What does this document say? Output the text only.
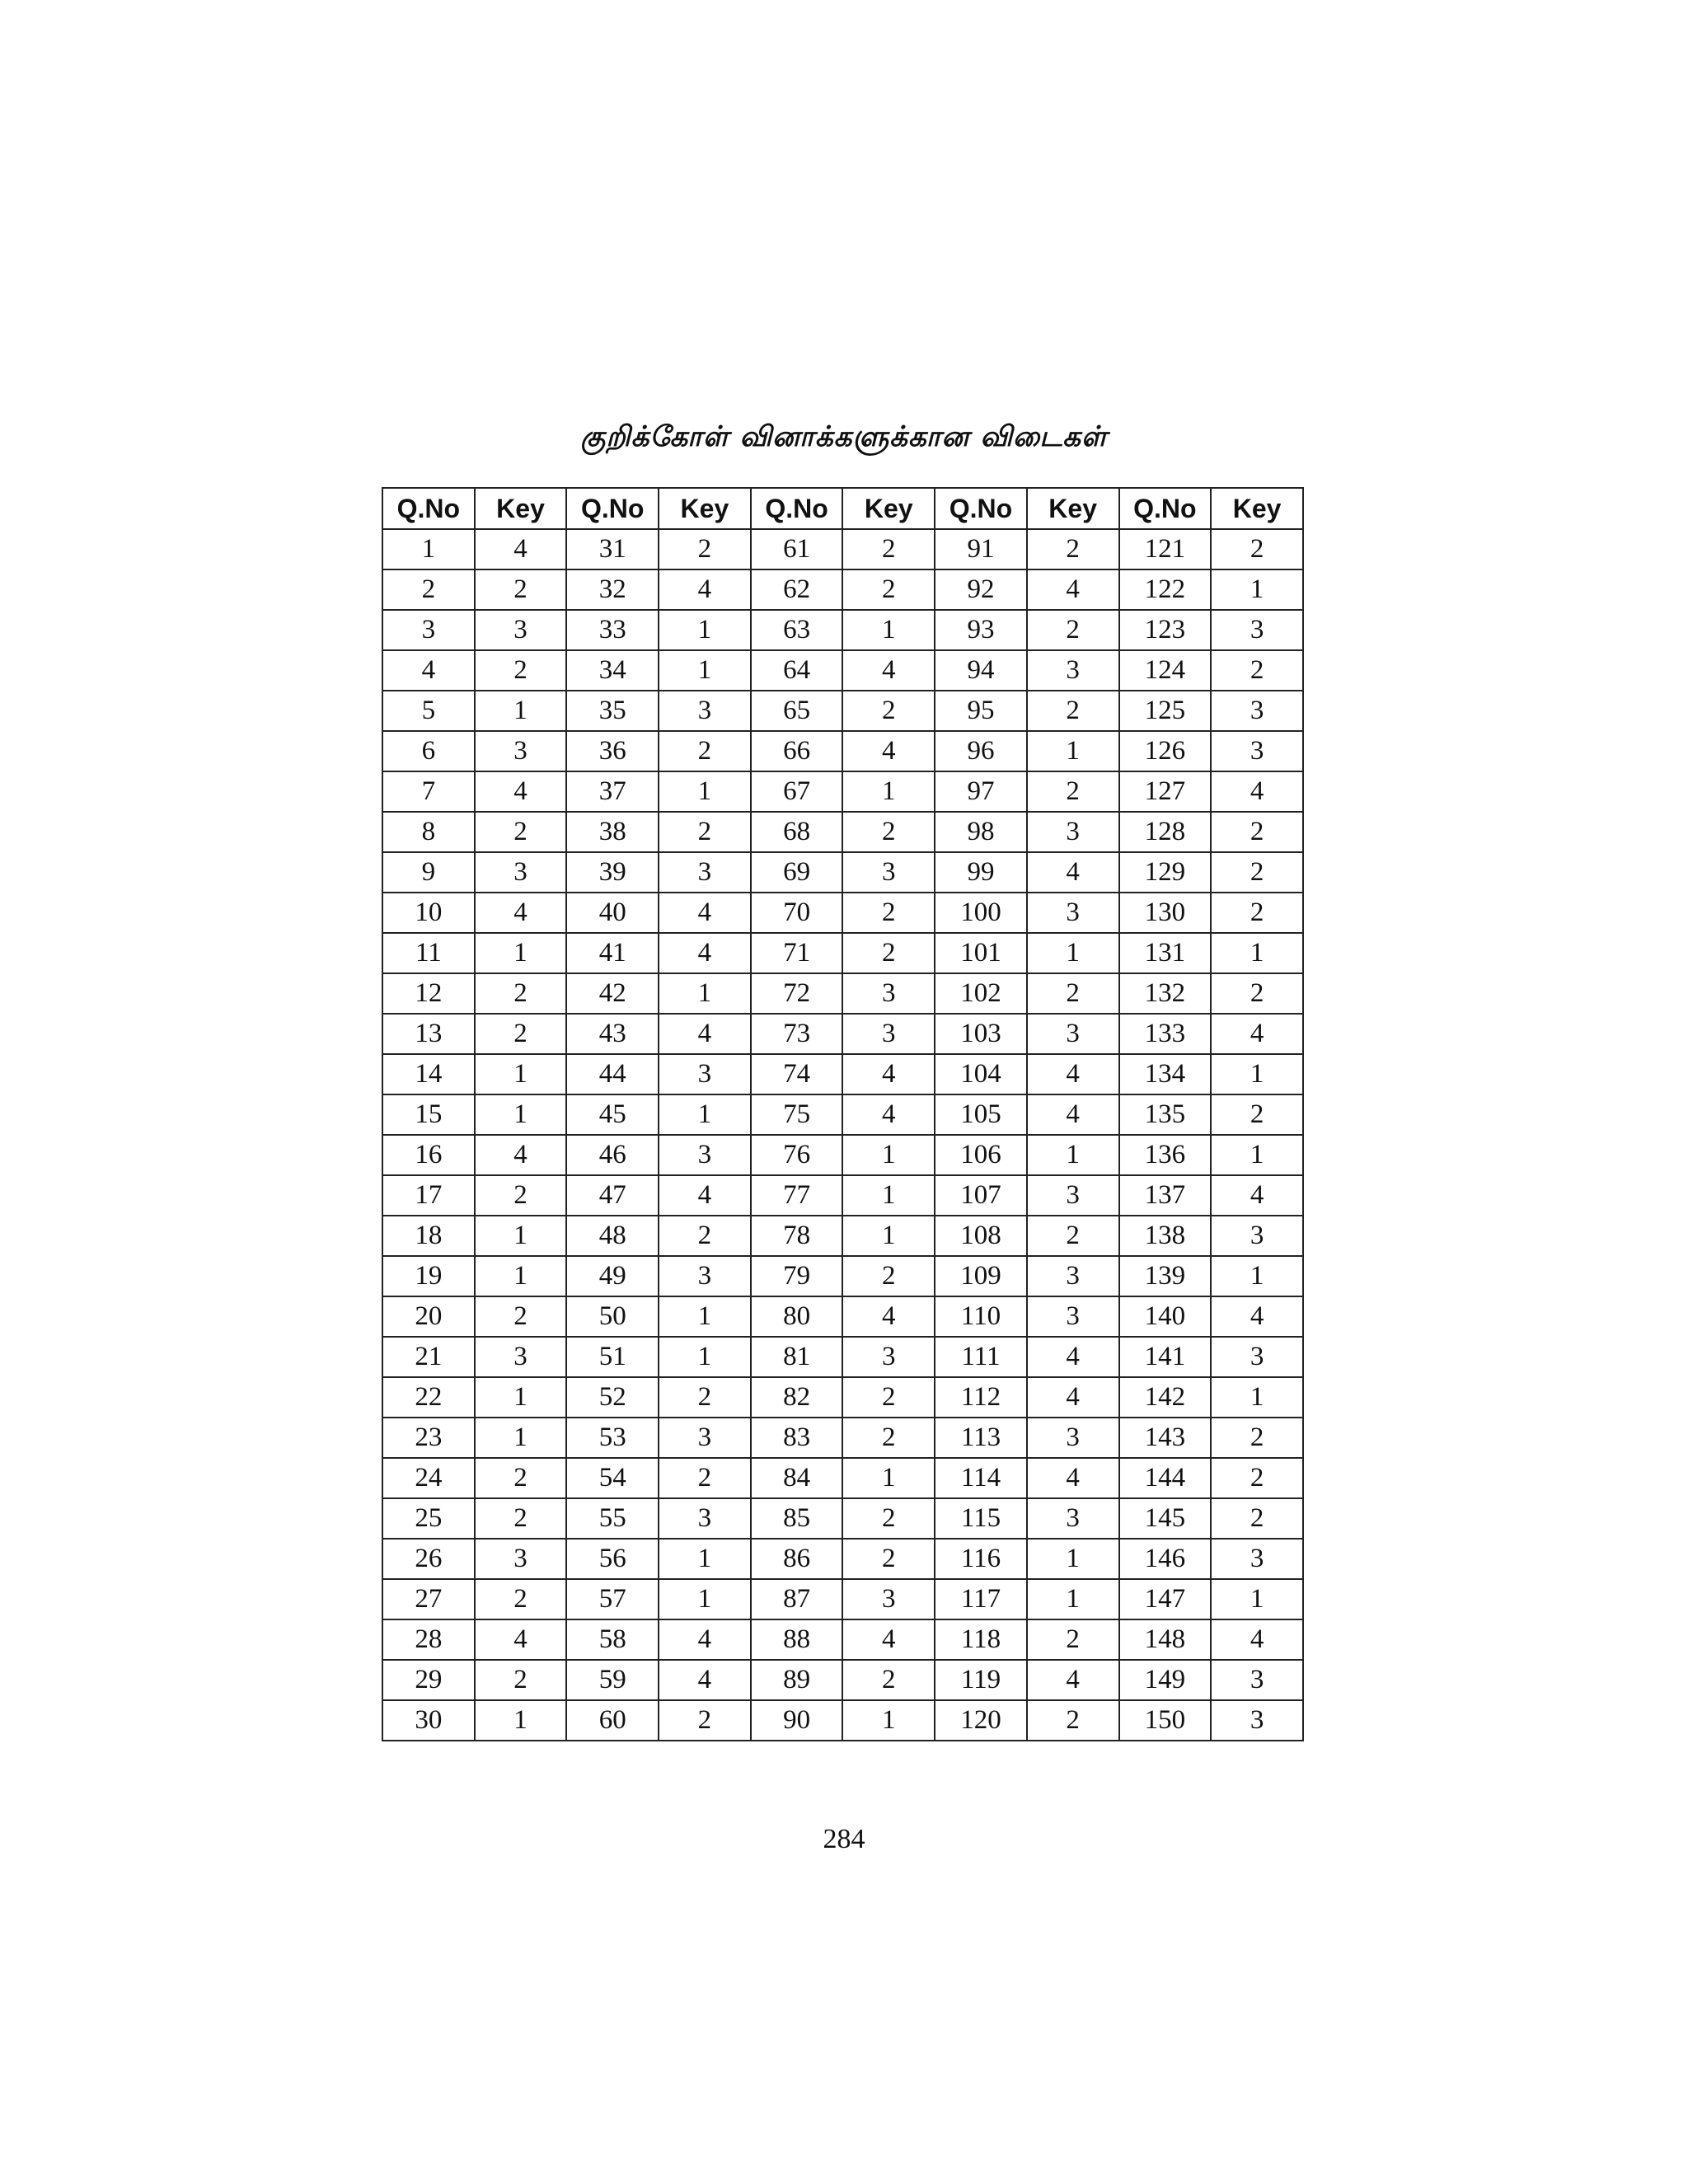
குறிக்கோள் வினாக்களுக்கான விடைகள்
Q.No	Key	Q.No	Key	Q.No	Key	Q.No	Key	Q.No	Key
1	4	31	2	61	2	91	2	121	2
2	2	32	4	62	2	92	4	122	1
3	3	33	1	63	1	93	2	123	3
4	2	34	1	64	4	94	3	124	2
5	1	35	3	65	2	95	2	125	3
6	3	36	2	66	4	96	1	126	3
7	4	37	1	67	1	97	2	127	4
8	2	38	2	68	2	98	3	128	2
9	3	39	3	69	3	99	4	129	2
10	4	40	4	70	2	100	3	130	2
11	1	41	4	71	2	101	1	131	1
12	2	42	1	72	3	102	2	132	2
13	2	43	4	73	3	103	3	133	4
14	1	44	3	74	4	104	4	134	1
15	1	45	1	75	4	105	4	135	2
16	4	46	3	76	1	106	1	136	1
17	2	47	4	77	1	107	3	137	4
18	1	48	2	78	1	108	2	138	3
19	1	49	3	79	2	109	3	139	1
20	2	50	1	80	4	110	3	140	4
21	3	51	1	81	3	111	4	141	3
22	1	52	2	82	2	112	4	142	1
23	1	53	3	83	2	113	3	143	2
24	2	54	2	84	1	114	4	144	2
25	2	55	3	85	2	115	3	145	2
26	3	56	1	86	2	116	1	146	3
27	2	57	1	87	3	117	1	147	1
28	4	58	4	88	4	118	2	148	4
29	2	59	4	89	2	119	4	149	3
30	1	60	2	90	1	120	2	150	3
284
